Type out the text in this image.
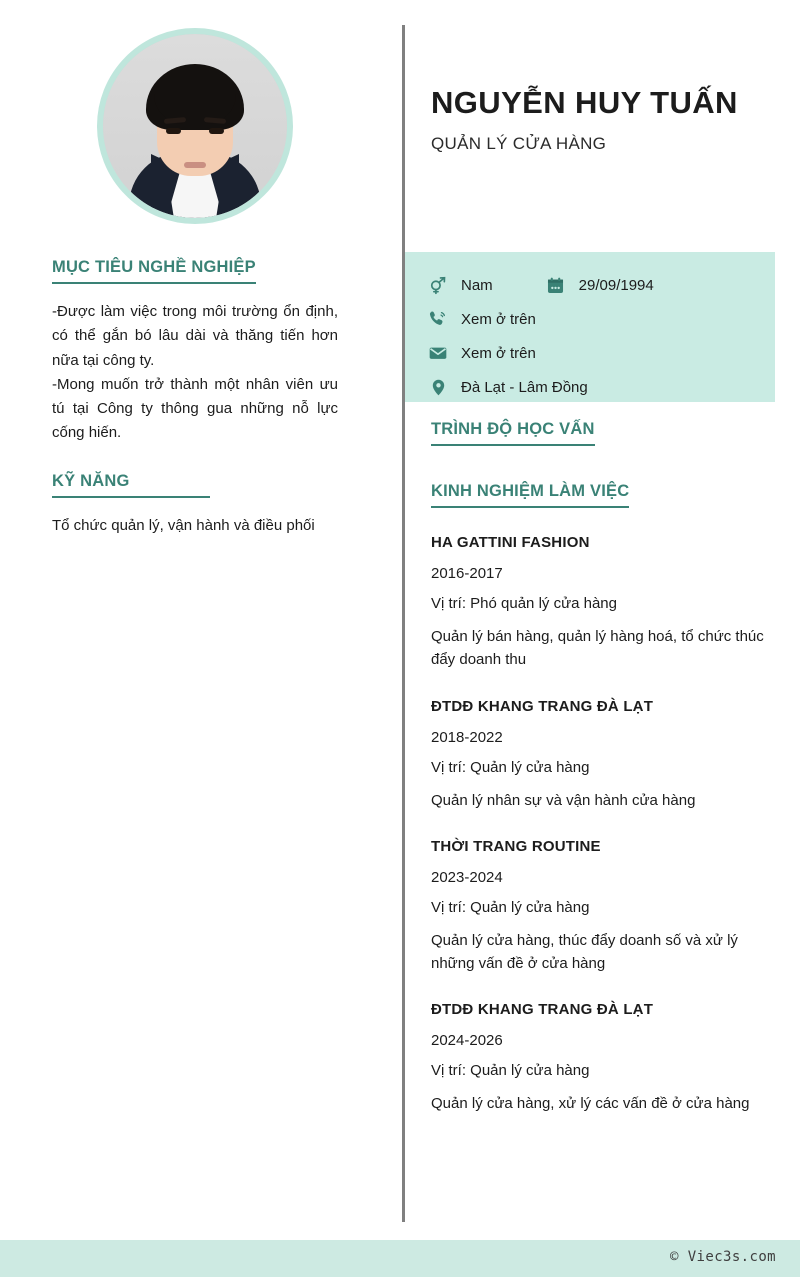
MỤC TIÊU NGHỀ NGHIỆP

-Được làm việc trong môi trường ổn định, có thể gắn bó lâu dài và thăng tiến hơn nữa tại công ty.
-Mong muốn trở thành một nhân viên ưu tú tại Công ty thông gua những nỗ lực cống hiến.

KỸ NĂNG

Tổ chức quản lý, vận hành và điều phối

NGUYỄN HUY TUẤN
QUẢN LÝ CỬA HÀNG
Nam	29/09/1994
Xem ở trên
Xem ở trên
Đà Lạt - Lâm Đồng
TRÌNH ĐỘ HỌC VẤN
KINH NGHIỆM LÀM VIỆC

HA GATTINI FASHION

2016-2017

Vị trí: Phó quản lý cửa hàng

Quản lý bán hàng, quản lý hàng hoá, tổ chức thúc đẩy doanh thu

ĐTDĐ KHANG TRANG ĐÀ LẠT

2018-2022

Vị trí: Quản lý cửa hàng

Quản lý nhân sự và vận hành cửa hàng

THỜI TRANG ROUTINE

2023-2024

Vị trí: Quản lý cửa hàng

Quản lý cửa hàng, thúc đẩy doanh số và xử lý những vấn đề ở cửa hàng

ĐTDĐ KHANG TRANG ĐÀ LẠT

2024-2026

Vị trí: Quản lý cửa hàng

Quản lý cửa hàng, xử lý các vấn đề ở cửa hàng

© Viec3s.com
